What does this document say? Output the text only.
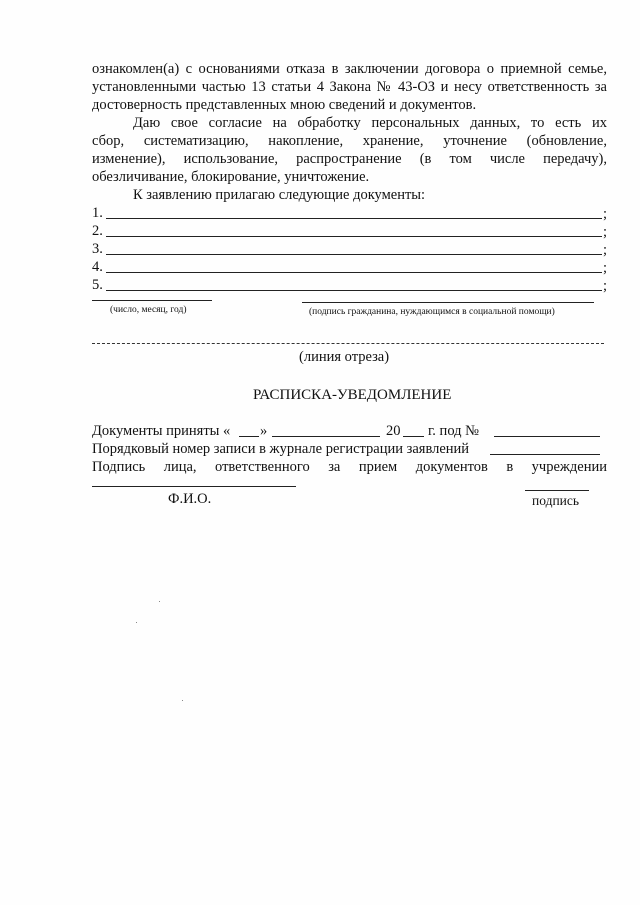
ознакомлен(а) с основаниями отказа в заключении договора о приемной семье,
установленными частью 13 статьи 4 Закона № 43-ОЗ и несу ответственность за
достоверность представленных мною сведений и документов.
Даю свое согласие на обработку персональных данных, то есть их
сбор, систематизацию, накопление, хранение, уточнение (обновление,
изменение), использование, распространение (в том числе передачу),
обезличивание, блокирование, уничтожение.
К заявлению прилагаю следующие документы:
1.	;
2.	;
3.	;
4.	;
5.	;
(число, месяц, год)	(подпись гражданина, нуждающимся в социальной помощи)
(линия отреза)
РАСПИСКА-УВЕДОМЛЕНИЕ
Документы приняты « »	20 г. под №
Порядковый номер записи в журнале регистрации заявлений
Подпись лица, ответственного за прием документов в учреждении
Ф.И.О.	подпись
